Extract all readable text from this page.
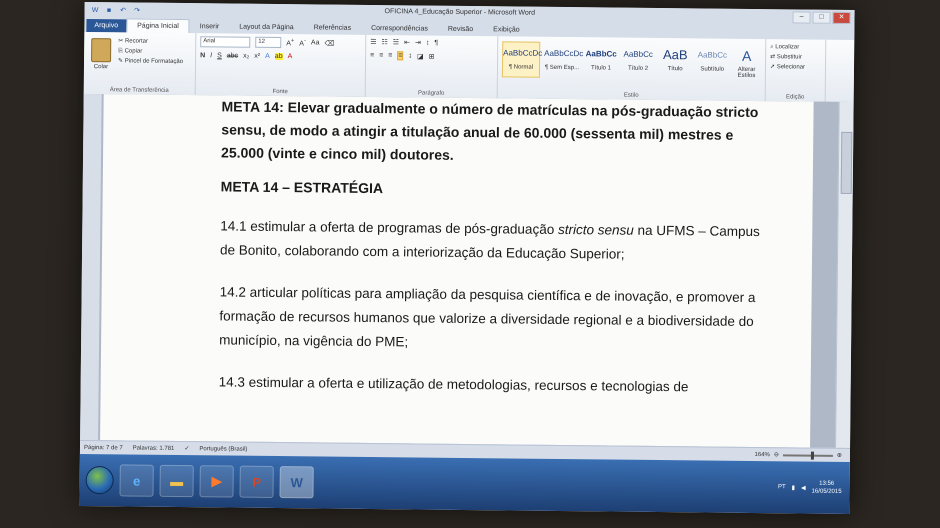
W	■	↶ ↷	OFICINA 4_Educação Superior - Microsoft Word
–	□	✕
Arquivo	Página Inicial	Inserir	Layout da Página	Referências	Correspondências	Revisão	Exibição
Colar
✂ Recortar
⎘ Copiar
✎ Pincel de Formatação
Área de Transferência
Arial	12	A+ A- Aa ⌫
N I S abc x₂ x² A ab A
Fonte
☰ ☷ ☱ ⇤ ⇥ ↕ ¶
≡ ≡ ≡ ≡ ↨ ◪ ⊞
Parágrafo
AaBbCcDc
¶ Normal
AaBbCcDc
¶ Sem Esp...
AaBbCc
Título 1
AaBbCc
Título 2
AaB
Título
AaBbCc
Subtítulo
A
Alterar Estilos
Estilo
⌕ Localizar
⇄ Substituir
➚ Selecionar
Edição

META 14: Elevar gradualmente o número de matrículas na pós-graduação stricto sensu, de modo a atingir a titulação anual de 60.000 (sessenta mil) mestres e 25.000 (vinte e cinco mil) doutores.

META 14 – ESTRATÉGIA

14.1 estimular a oferta de programas de pós-graduação stricto sensu na UFMS – Campus de Bonito, colaborando com a interiorização da Educação Superior;

14.2 articular políticas para ampliação da pesquisa científica e de inovação, e promover a formação de recursos humanos que valorize a diversidade regional e a biodiversidade do município, na vigência do PME;

14.3 estimular a oferta e utilização de metodologias, recursos e tecnologias de

Página: 7 de 7 Palavras: 1.781 ✓ Português (Brasil)
164% ⊖	⊕
e	▬	▶	P	W	PT ▮ ◀
13:56
16/05/2015
